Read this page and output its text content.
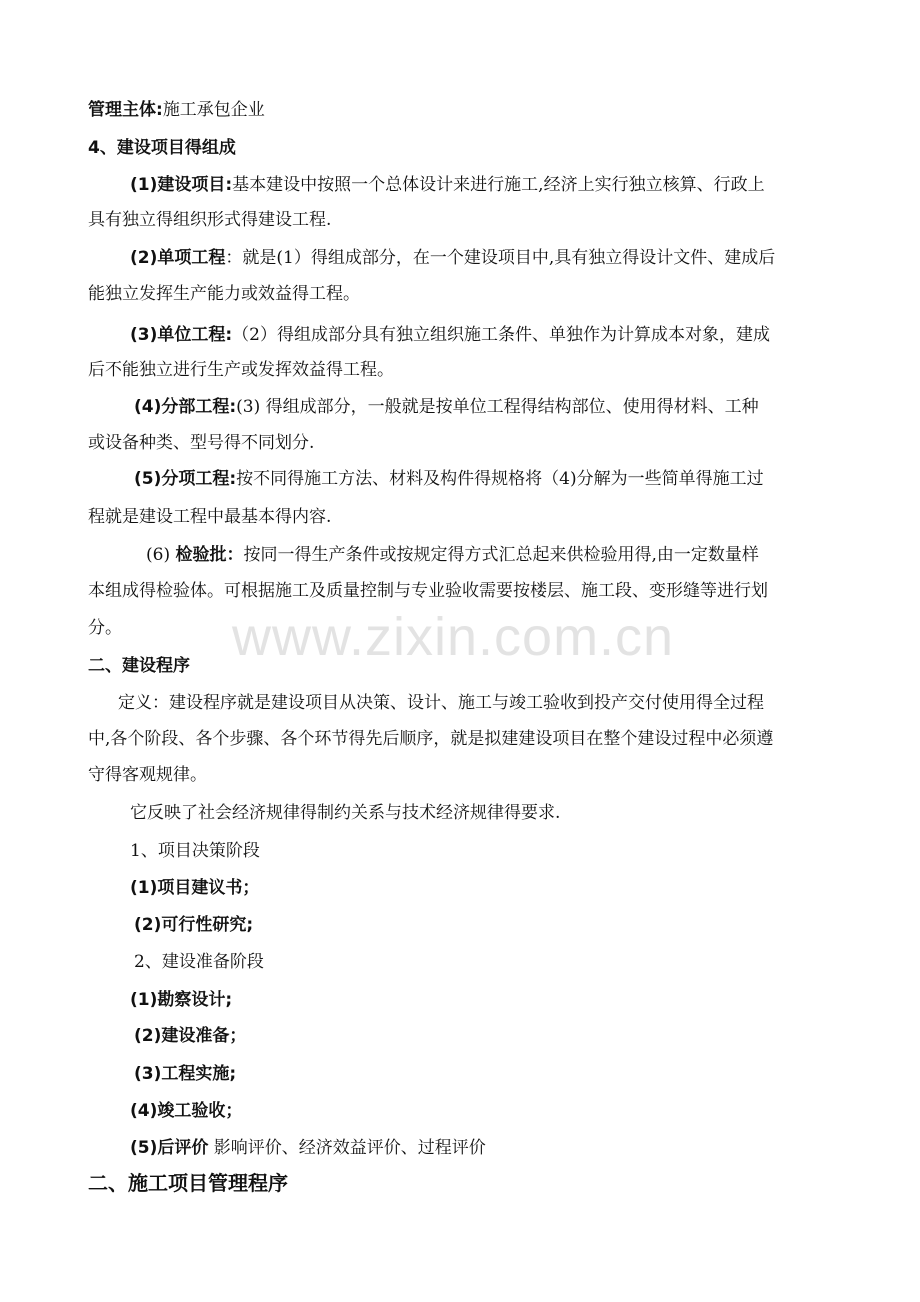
www.zixin.com.cn
管理主体:施工承包企业
4、建设项目得组成
(1)建设项目:基本建设中按照一个总体设计来进行施工,经济上实行独立核算、行政上
具有独立得组织形式得建设工程.
(2)单项工程：就是(1）得组成部分，在一个建设项目中,具有独立得设计文件、建成后
能独立发挥生产能力或效益得工程。
(3)单位工程:（2）得组成部分具有独立组织施工条件、单独作为计算成本对象，建成
后不能独立进行生产或发挥效益得工程。
(4)分部工程:(3) 得组成部分，一般就是按单位工程得结构部位、使用得材料、工种
或设备种类、型号得不同划分.
(5)分项工程:按不同得施工方法、材料及构件得规格将（4)分解为一些简单得施工过
程就是建设工程中最基本得内容.
(6) 检验批：按同一得生产条件或按规定得方式汇总起来供检验用得,由一定数量样
本组成得检验体。可根据施工及质量控制与专业验收需要按楼层、施工段、变形缝等进行划
分。
二、建设程序
定义：建设程序就是建设项目从决策、设计、施工与竣工验收到投产交付使用得全过程
中,各个阶段、各个步骤、各个环节得先后顺序，就是拟建建设项目在整个建设过程中必须遵
守得客观规律。
它反映了社会经济规律得制约关系与技术经济规律得要求.
1、项目决策阶段
(1)项目建议书；
(2)可行性研究;
2、建设准备阶段
(1)勘察设计;
(2)建设准备；
(3)工程实施;
(4)竣工验收；
(5)后评价 影响评价、经济效益评价、过程评价
二、施工项目管理程序
